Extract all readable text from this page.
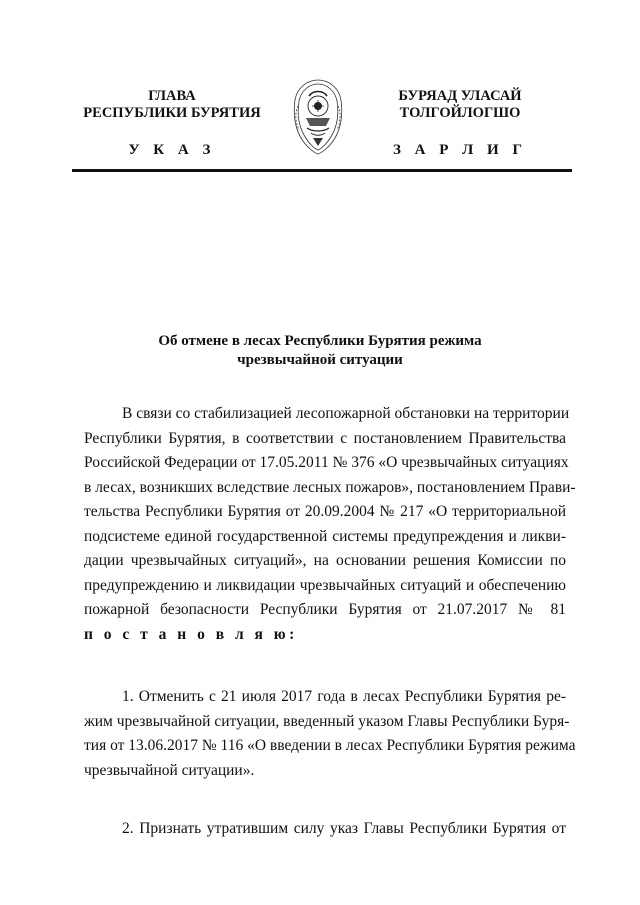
ГЛАВА
РЕСПУБЛИКИ БУРЯТИЯ
БУРЯАД УЛАСАЙ
ТОЛГОЙЛОГШО
У К А З	З А Р Л И Г
Об отмене в лесах Республики Бурятия режима
чрезвычайной ситуации
В связи со стабилизацией лесопожарной обстановки на территории
Республики Бурятия, в соответствии с постановлением Правительства
Российской Федерации от 17.05.2011 № 376 «О чрезвычайных ситуациях
в лесах, возникших вследствие лесных пожаров», постановлением Прави-
тельства Республики Бурятия от 20.09.2004 № 217 «О территориальной
подсистеме единой государственной системы предупреждения и ликви-
дации чрезвычайных ситуаций», на основании решения Комиссии по
предупреждению и ликвидации чрезвычайных ситуаций и обеспечению
пожарной безопасности Республики Бурятия от 21.07.2017 № 81
п о с т а н о в л я ю:
1. Отменить с 21 июля 2017 года в лесах Республики Бурятия ре-
жим чрезвычайной ситуации, введенный указом Главы Республики Буря-
тия от 13.06.2017 № 116 «О введении в лесах Республики Бурятия режима
чрезвычайной ситуации».
2. Признать утратившим силу указ Главы Республики Бурятия от
